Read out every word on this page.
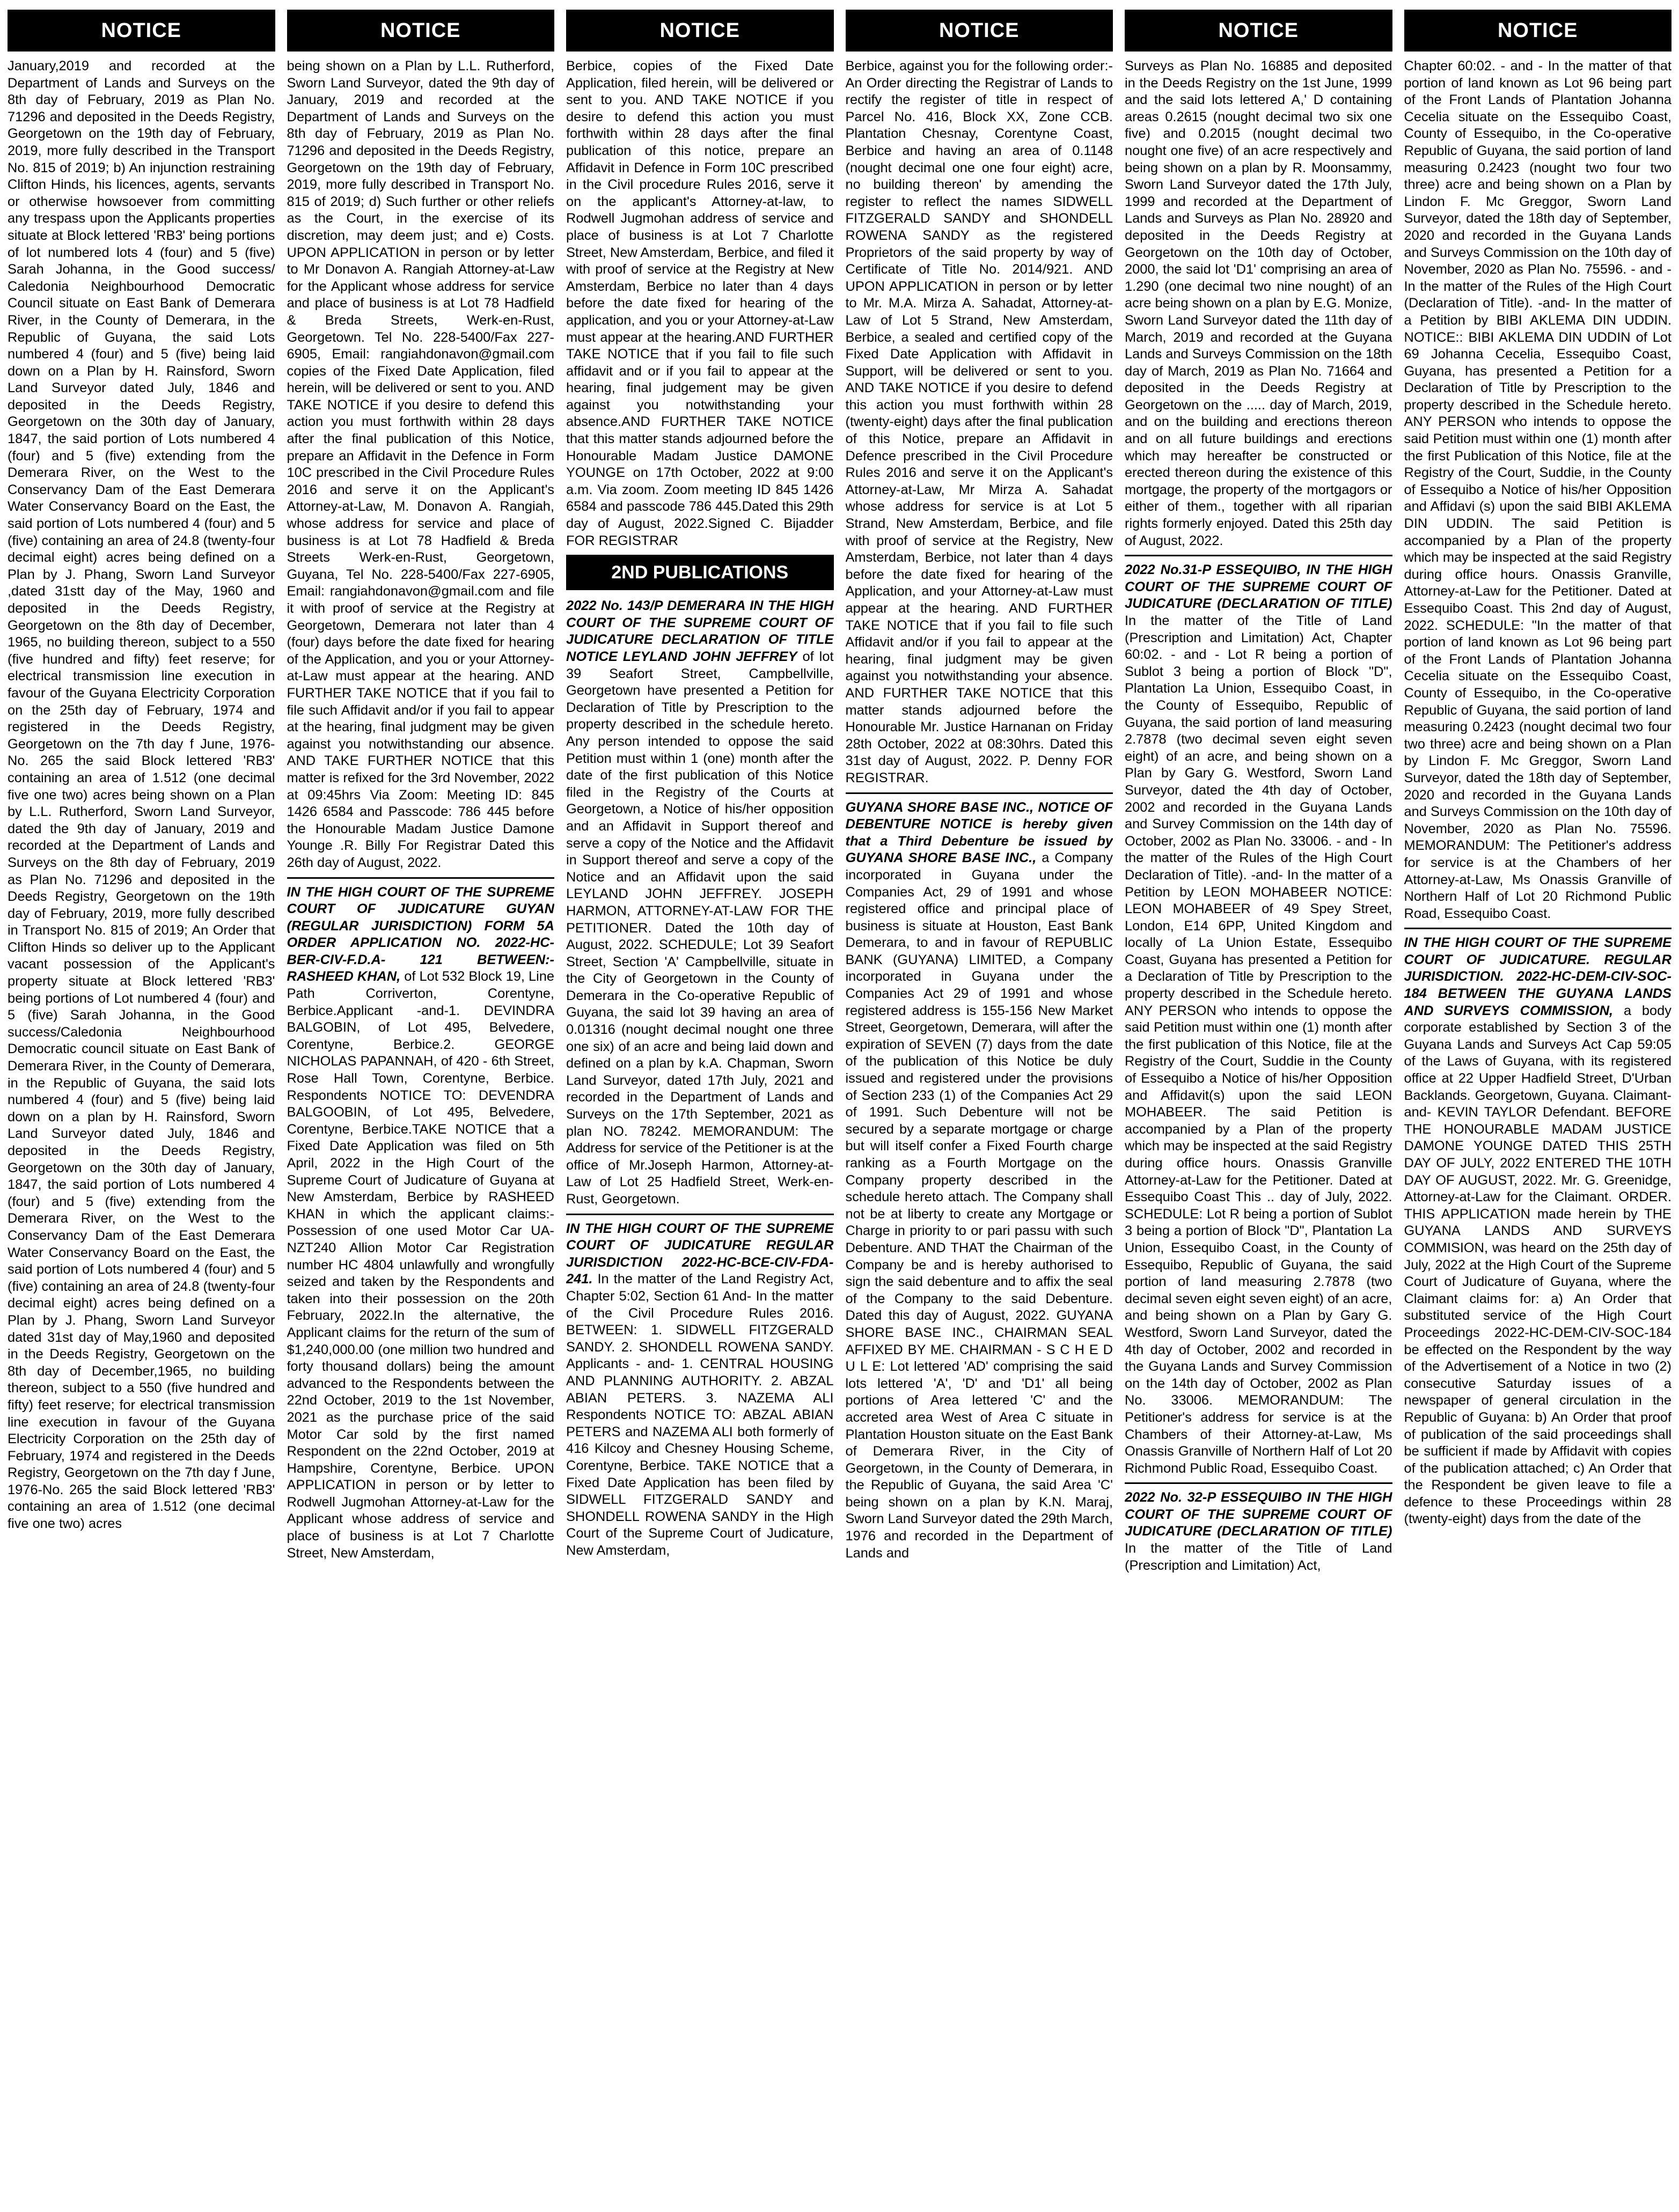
NOTICE

January,2019 and recorded at the Department of Lands and Surveys on the 8th day of February, 2019 as Plan No. 71296 and deposited in the Deeds Registry, Georgetown on the 19th day of February, 2019, more fully described in the Transport No. 815 of 2019; b) An injunction restraining Clifton Hinds, his licences, agents, servants or otherwise howsoever from committing any trespass upon the Applicants properties situate at Block lettered 'RB3' being portions of lot numbered lots 4 (four) and 5 (five) Sarah Johanna, in the Good success/ Caledonia Neighbourhood Democratic Council situate on East Bank of Demerara River, in the County of Demerara, in the Republic of Guyana, the said Lots numbered 4 (four) and 5 (five) being laid down on a Plan by H. Rainsford, Sworn Land Surveyor dated July, 1846 and deposited in the Deeds Registry, Georgetown on the 30th day of January, 1847, the said portion of Lots numbered 4 (four) and 5 (five) extending from the Demerara River, on the West to the Conservancy Dam of the East Demerara Water Conservancy Board on the East, the said portion of Lots numbered 4 (four) and 5 (five) containing an area of 24.8 (twenty-four decimal eight) acres being defined on a Plan by J. Phang, Sworn Land Surveyor ,dated 31stt day of the May, 1960 and deposited in the Deeds Registry, Georgetown on the 8th day of December, 1965, no building thereon, subject to a 550 (five hundred and fifty) feet reserve; for electrical transmission line execution in favour of the Guyana Electricity Corporation on the 25th day of February, 1974 and registered in the Deeds Registry, Georgetown on the 7th day f June, 1976-No. 265 the said Block lettered 'RB3' containing an area of 1.512 (one decimal five one two) acres being shown on a Plan by L.L. Rutherford, Sworn Land Surveyor, dated the 9th day of January, 2019 and recorded at the Department of Lands and Surveys on the 8th day of February, 2019 as Plan No. 71296 and deposited in the Deeds Registry, Georgetown on the 19th day of February, 2019, more fully described in Transport No. 815 of 2019; An Order that Clifton Hinds so deliver up to the Applicant vacant possession of the Applicant's property situate at Block lettered 'RB3' being portions of Lot numbered 4 (four) and 5 (five) Sarah Johanna, in the Good success/Caledonia Neighbourhood Democratic council situate on East Bank of Demerara River, in the County of Demerara, in the Republic of Guyana, the said lots numbered 4 (four) and 5 (five) being laid down on a plan by H. Rainsford, Sworn Land Surveyor dated July, 1846 and deposited in the Deeds Registry, Georgetown on the 30th day of January, 1847, the said portion of Lots numbered 4 (four) and 5 (five) extending from the Demerara River, on the West to the Conservancy Dam of the East Demerara Water Conservancy Board on the East, the said portion of Lots numbered 4 (four) and 5 (five) containing an area of 24.8 (twenty-four decimal eight) acres being defined on a Plan by J. Phang, Sworn Land Surveyor dated 31st day of May,1960 and deposited in the Deeds Registry, Georgetown on the 8th day of December,1965, no building thereon, subject to a 550 (five hundred and fifty) feet reserve; for electrical transmission line execution in favour of the Guyana Electricity Corporation on the 25th day of February, 1974 and registered in the Deeds Registry, Georgetown on the 7th day f June, 1976-No. 265 the said Block lettered 'RB3' containing an area of 1.512 (one decimal five one two) acres

NOTICE

being shown on a Plan by L.L. Rutherford, Sworn Land Surveyor, dated the 9th day of January, 2019 and recorded at the Department of Lands and Surveys on the 8th day of February, 2019 as Plan No. 71296 and deposited in the Deeds Registry, Georgetown on the 19th day of February, 2019, more fully described in Transport No. 815 of 2019; d) Such further or other reliefs as the Court, in the exercise of its discretion, may deem just; and e) Costs. UPON APPLICATION in person or by letter to Mr Donavon A. Rangiah Attorney-at-Law for the Applicant whose address for service and place of business is at Lot 78 Hadfield & Breda Streets, Werk-en-Rust, Georgetown. Tel No. 228-5400/Fax 227-6905, Email: rangiahdonavon@gmail.com copies of the Fixed Date Application, filed herein, will be delivered or sent to you. AND TAKE NOTICE if you desire to defend this action you must forthwith within 28 days after the final publication of this Notice, prepare an Affidavit in the Defence in Form 10C prescribed in the Civil Procedure Rules 2016 and serve it on the Applicant's Attorney-at-Law, M. Donavon A. Rangiah, whose address for service and place of business is at Lot 78 Hadfield & Breda Streets Werk-en-Rust, Georgetown, Guyana, Tel No. 228-5400/Fax 227-6905, Email: rangiahdonavon@gmail.com and file it with proof of service at the Registry at Georgetown, Demerara not later than 4 (four) days before the date fixed for hearing of the Application, and you or your Attorney-at-Law must appear at the hearing. AND FURTHER TAKE NOTICE that if you fail to file such Affidavit and/or if you fail to appear at the hearing, final judgment may be given against you notwithstanding our absence. AND TAKE FURTHER NOTICE that this matter is refixed for the 3rd November, 2022 at 09:45hrs Via Zoom: Meeting ID: 845 1426 6584 and Passcode: 786 445 before the Honourable Madam Justice Damone Younge .R. Billy For Registrar Dated this 26th day of August, 2022.

IN THE HIGH COURT OF THE SUPREME COURT OF JUDICATURE GUYAN (REGULAR JURISDICTION) FORM 5A ORDER APPLICATION NO. 2022-HC-BER-CIV-F.D.A- 121 BETWEEN:-RASHEED KHAN, of Lot 532 Block 19, Line Path Corriverton, Corentyne, Berbice.Applicant -and-1. DEVINDRA BALGOBIN, of Lot 495, Belvedere, Corentyne, Berbice.2. GEORGE NICHOLAS PAPANNAH, of 420 - 6th Street, Rose Hall Town, Corentyne, Berbice. Respondents NOTICE TO: DEVENDRA BALGOOBIN, of Lot 495, Belvedere, Corentyne, Berbice.TAKE NOTICE that a Fixed Date Application was filed on 5th April, 2022 in the High Court of the Supreme Court of Judicature of Guyana at New Amsterdam, Berbice by RASHEED KHAN in which the applicant claims:-Possession of one used Motor Car UA-NZT240 Allion Motor Car Registration number HC 4804 unlawfully and wrongfully seized and taken by the Respondents and taken into their possession on the 20th February, 2022.In the alternative, the Applicant claims for the return of the sum of $1,240,000.00 (one million two hundred and forty thousand dollars) being the amount advanced to the Respondents between the 22nd October, 2019 to the 1st November, 2021 as the purchase price of the said Motor Car sold by the first named Respondent on the 22nd October, 2019 at Hampshire, Corentyne, Berbice. UPON APPLICATION in person or by letter to Rodwell Jugmohan Attorney-at-Law for the Applicant whose address of service and place of business is at Lot 7 Charlotte Street, New Amsterdam,

NOTICE

Berbice, copies of the Fixed Date Application, filed herein, will be delivered or sent to you. AND TAKE NOTICE if you desire to defend this action you must forthwith within 28 days after the final publication of this notice, prepare an Affidavit in Defence in Form 10C prescribed in the Civil procedure Rules 2016, serve it on the applicant's Attorney-at-law, to Rodwell Jugmohan address of service and place of business is at Lot 7 Charlotte Street, New Amsterdam, Berbice, and filed it with proof of service at the Registry at New Amsterdam, Berbice no later than 4 days before the date fixed for hearing of the application, and you or your Attorney-at-Law must appear at the hearing.AND FURTHER TAKE NOTICE that if you fail to file such affidavit and or if you fail to appear at the hearing, final judgement may be given against you notwithstanding your absence.AND FURTHER TAKE NOTICE that this matter stands adjourned before the Honourable Madam Justice DAMONE YOUNGE on 17th October, 2022 at 9:00 a.m. Via zoom. Zoom meeting ID 845 1426 6584 and passcode 786 445.Dated this 29th day of August, 2022.Signed C. Bijadder FOR REGISTRAR

2ND PUBLICATIONS

2022 No. 143/P DEMERARA IN THE HIGH COURT OF THE SUPREME COURT OF JUDICATURE DECLARATION OF TITLE NOTICE LEYLAND JOHN JEFFREY of lot 39 Seafort Street, Campbellville, Georgetown have presented a Petition for Declaration of Title by Prescription to the property described in the schedule hereto. Any person intended to oppose the said Petition must within 1 (one) month after the date of the first publication of this Notice filed in the Registry of the Courts at Georgetown, a Notice of his/her opposition and an Affidavit in Support thereof and serve a copy of the Notice and the Affidavit in Support thereof and serve a copy of the Notice and an Affidavit upon the said LEYLAND JOHN JEFFREY. JOSEPH HARMON, ATTORNEY-AT-LAW FOR THE PETITIONER. Dated the 10th day of August, 2022. SCHEDULE; Lot 39 Seafort Street, Section 'A' Campbellville, situate in the City of Georgetown in the County of Demerara in the Co-operative Republic of Guyana, the said lot 39 having an area of 0.01316 (nought decimal nought one three one six) of an acre and being laid down and defined on a plan by k.A. Chapman, Sworn Land Surveyor, dated 17th July, 2021 and recorded in the Department of Lands and Surveys on the 17th September, 2021 as plan NO. 78242. MEMORANDUM: The Address for service of the Petitioner is at the office of Mr.Joseph Harmon, Attorney-at-Law of Lot 25 Hadfield Street, Werk-en-Rust, Georgetown.

IN THE HIGH COURT OF THE SUPREME COURT OF JUDICATURE REGULAR JURISDICTION 2022-HC-BCE-CIV-FDA-241. In the matter of the Land Registry Act, Chapter 5:02, Section 61 And- In the matter of the Civil Procedure Rules 2016. BETWEEN: 1. SIDWELL FITZGERALD SANDY. 2. SHONDELL ROWENA SANDY. Applicants - and- 1. CENTRAL HOUSING AND PLANNING AUTHORITY. 2. ABZAL ABIAN PETERS. 3. NAZEMA ALI Respondents NOTICE TO: ABZAL ABIAN PETERS and NAZEMA ALI both formerly of 416 Kilcoy and Chesney Housing Scheme, Corentyne, Berbice. TAKE NOTICE that a Fixed Date Application has been filed by SIDWELL FITZGERALD SANDY and SHONDELL ROWENA SANDY in the High Court of the Supreme Court of Judicature, New Amsterdam,

NOTICE

Berbice, against you for the following order:- An Order directing the Registrar of Lands to rectify the register of title in respect of Parcel No. 416, Block XX, Zone CCB. Plantation Chesnay, Corentyne Coast, Berbice and having an area of 0.1148 (nought decimal one one four eight) acre, no building thereon' by amending the register to reflect the names SIDWELL FITZGERALD SANDY and SHONDELL ROWENA SANDY as the registered Proprietors of the said property by way of Certificate of Title No. 2014/921. AND UPON APPLICATION in person or by letter to Mr. M.A. Mirza A. Sahadat, Attorney-at-Law of Lot 5 Strand, New Amsterdam, Berbice, a sealed and certified copy of the Fixed Date Application with Affidavit in Support, will be delivered or sent to you. AND TAKE NOTICE if you desire to defend this action you must forthwith within 28 (twenty-eight) days after the final publication of this Notice, prepare an Affidavit in Defence prescribed in the Civil Procedure Rules 2016 and serve it on the Applicant's Attorney-at-Law, Mr Mirza A. Sahadat whose address for service is at Lot 5 Strand, New Amsterdam, Berbice, and file with proof of service at the Registry, New Amsterdam, Berbice, not later than 4 days before the date fixed for hearing of the Application, and your Attorney-at-Law must appear at the hearing. AND FURTHER TAKE NOTICE that if you fail to file such Affidavit and/or if you fail to appear at the hearing, final judgment may be given against you notwithstanding your absence. AND FURTHER TAKE NOTICE that this matter stands adjourned before the Honourable Mr. Justice Harnanan on Friday 28th October, 2022 at 08:30hrs. Dated this 31st day of August, 2022. P. Denny FOR REGISTRAR.

GUYANA SHORE BASE INC., NOTICE OF DEBENTURE NOTICE is hereby given that a Third Debenture be issued by GUYANA SHORE BASE INC., a Company incorporated in Guyana under the Companies Act, 29 of 1991 and whose registered office and principal place of business is situate at Houston, East Bank Demerara, to and in favour of REPUBLIC BANK (GUYANA) LIMITED, a Company incorporated in Guyana under the Companies Act 29 of 1991 and whose registered address is 155-156 New Market Street, Georgetown, Demerara, will after the expiration of SEVEN (7) days from the date of the publication of this Notice be duly issued and registered under the provisions of Section 233 (1) of the Companies Act 29 of 1991. Such Debenture will not be secured by a separate mortgage or charge but will itself confer a Fixed Fourth charge ranking as a Fourth Mortgage on the Company property described in the schedule hereto attach. The Company shall not be at liberty to create any Mortgage or Charge in priority to or pari passu with such Debenture. AND THAT the Chairman of the Company be and is hereby authorised to sign the said debenture and to affix the seal of the Company to the said Debenture. Dated this day of August, 2022. GUYANA SHORE BASE INC., CHAIRMAN SEAL AFFIXED BY ME. CHAIRMAN - S C H E D U L E: Lot lettered 'AD' comprising the said lots lettered 'A', 'D' and 'D1' all being portions of Area lettered 'C' and the accreted area West of Area C situate in Plantation Houston situate on the East Bank of Demerara River, in the City of Georgetown, in the County of Demerara, in the Republic of Guyana, the said Area 'C' being shown on a plan by K.N. Maraj, Sworn Land Surveyor dated the 29th March, 1976 and recorded in the Department of Lands and

NOTICE

Surveys as Plan No. 16885 and deposited in the Deeds Registry on the 1st June, 1999 and the said lots lettered A,' D containing areas 0.2615 (nought decimal two six one five) and 0.2015 (nought decimal two nought one five) of an acre respectively and being shown on a plan by R. Moonsammy, Sworn Land Surveyor dated the 17th July, 1999 and recorded at the Department of Lands and Surveys as Plan No. 28920 and deposited in the Deeds Registry at Georgetown on the 10th day of October, 2000, the said lot 'D1' comprising an area of 1.290 (one decimal two nine nought) of an acre being shown on a plan by E.G. Monize, Sworn Land Surveyor dated the 11th day of March, 2019 and recorded at the Guyana Lands and Surveys Commission on the 18th day of March, 2019 as Plan No. 71664 and deposited in the Deeds Registry at Georgetown on the ..... day of March, 2019, and on the building and erections thereon and on all future buildings and erections which may hereafter be constructed or erected thereon during the existence of this mortgage, the property of the mortgagors or either of them., together with all riparian rights formerly enjoyed. Dated this 25th day of August, 2022.

2022 No.31-P ESSEQUIBO, IN THE HIGH COURT OF THE SUPREME COURT OF JUDICATURE (DECLARATION OF TITLE) In the matter of the Title of Land (Prescription and Limitation) Act, Chapter 60:02. - and - Lot R being a portion of Sublot 3 being a portion of Block "D", Plantation La Union, Essequibo Coast, in the County of Essequibo, Republic of Guyana, the said portion of land measuring 2.7878 (two decimal seven eight seven eight) of an acre, and being shown on a Plan by Gary G. Westford, Sworn Land Surveyor, dated the 4th day of October, 2002 and recorded in the Guyana Lands and Survey Commission on the 14th day of October, 2002 as Plan No. 33006. - and - In the matter of the Rules of the High Court Declaration of Title). -and- In the matter of a Petition by LEON MOHABEER NOTICE: LEON MOHABEER of 49 Spey Street, London, E14 6PP, United Kingdom and locally of La Union Estate, Essequibo Coast, Guyana has presented a Petition for a Declaration of Title by Prescription to the property described in the Schedule hereto. ANY PERSON who intends to oppose the said Petition must within one (1) month after the first publication of this Notice, file at the Registry of the Court, Suddie in the County of Essequibo a Notice of his/her Opposition and Affidavit(s) upon the said LEON MOHABEER. The said Petition is accompanied by a Plan of the property which may be inspected at the said Registry during office hours. Onassis Granville Attorney-at-Law for the Petitioner. Dated at Essequibo Coast This .. day of July, 2022. SCHEDULE: Lot R being a portion of Sublot 3 being a portion of Block "D", Plantation La Union, Essequibo Coast, in the County of Essequibo, Republic of Guyana, the said portion of land measuring 2.7878 (two decimal seven eight seven eight) of an acre, and being shown on a Plan by Gary G. Westford, Sworn Land Surveyor, dated the 4th day of October, 2002 and recorded in the Guyana Lands and Survey Commission on the 14th day of October, 2002 as Plan No. 33006. MEMORANDUM: The Petitioner's address for service is at the Chambers of their Attorney-at-Law, Ms Onassis Granville of Northern Half of Lot 20 Richmond Public Road, Essequibo Coast.

2022 No. 32-P ESSEQUIBO IN THE HIGH COURT OF THE SUPREME COURT OF JUDICATURE (DECLARATION OF TITLE) In the matter of the Title of Land (Prescription and Limitation) Act,

NOTICE

Chapter 60:02. - and - In the matter of that portion of land known as Lot 96 being part of the Front Lands of Plantation Johanna Cecelia situate on the Essequibo Coast, County of Essequibo, in the Co-operative Republic of Guyana, the said portion of land measuring 0.2423 (nought two four two three) acre and being shown on a Plan by Lindon F. Mc Greggor, Sworn Land Surveyor, dated the 18th day of September, 2020 and recorded in the Guyana Lands and Surveys Commission on the 10th day of November, 2020 as Plan No. 75596. - and - In the matter of the Rules of the High Court (Declaration of Title). -and- In the matter of a Petition by BIBI AKLEMA DIN UDDIN. NOTICE:: BIBI AKLEMA DIN UDDIN of Lot 69 Johanna Cecelia, Essequibo Coast, Guyana, has presented a Petition for a Declaration of Title by Prescription to the property described in the Schedule hereto. ANY PERSON who intends to oppose the said Petition must within one (1) month after the first Publication of this Notice, file at the Registry of the Court, Suddie, in the County of Essequibo a Notice of his/her Opposition and Affidavi (s) upon the said BIBI AKLEMA DIN UDDIN. The said Petition is accompanied by a Plan of the property which may be inspected at the said Registry during office hours. Onassis Granville, Attorney-at-Law for the Petitioner. Dated at Essequibo Coast. This 2nd day of August, 2022. SCHEDULE: "In the matter of that portion of land known as Lot 96 being part of the Front Lands of Plantation Johanna Cecelia situate on the Essequibo Coast, County of Essequibo, in the Co-operative Republic of Guyana, the said portion of land measuring 0.2423 (nought decimal two four two three) acre and being shown on a Plan by Lindon F. Mc Greggor, Sworn Land Surveyor, dated the 18th day of September, 2020 and recorded in the Guyana Lands and Surveys Commission on the 10th day of November, 2020 as Plan No. 75596. MEMORANDUM: The Petitioner's address for service is at the Chambers of her Attorney-at-Law, Ms Onassis Granville of Northern Half of Lot 20 Richmond Public Road, Essequibo Coast.

IN THE HIGH COURT OF THE SUPREME COURT OF JUDICATURE. REGULAR JURISDICTION. 2022-HC-DEM-CIV-SOC-184 BETWEEN THE GUYANA LANDS AND SURVEYS COMMISSION, a body corporate established by Section 3 of the Guyana Lands and Surveys Act Cap 59:05 of the Laws of Guyana, with its registered office at 22 Upper Hadfield Street, D'Urban Backlands. Georgetown, Guyana. Claimant- and- KEVIN TAYLOR Defendant. BEFORE THE HONOURABLE MADAM JUSTICE DAMONE YOUNGE DATED THIS 25TH DAY OF JULY, 2022 ENTERED THE 10TH DAY OF AUGUST, 2022. Mr. G. Greenidge, Attorney-at-Law for the Claimant. ORDER. THIS APPLICATION made herein by THE GUYANA LANDS AND SURVEYS COMMISION, was heard on the 25th day of July, 2022 at the High Court of the Supreme Court of Judicature of Guyana, where the Claimant claims for: a) An Order that substituted service of the High Court Proceedings 2022-HC-DEM-CIV-SOC-184 be effected on the Respondent by the way of the Advertisement of a Notice in two (2) consecutive Saturday issues of a newspaper of general circulation in the Republic of Guyana: b) An Order that proof of publication of the said proceedings shall be sufficient if made by Affidavit with copies of the publication attached; c) An Order that the Respondent be given leave to file a defence to these Proceedings within 28 (twenty-eight) days from the date of the
